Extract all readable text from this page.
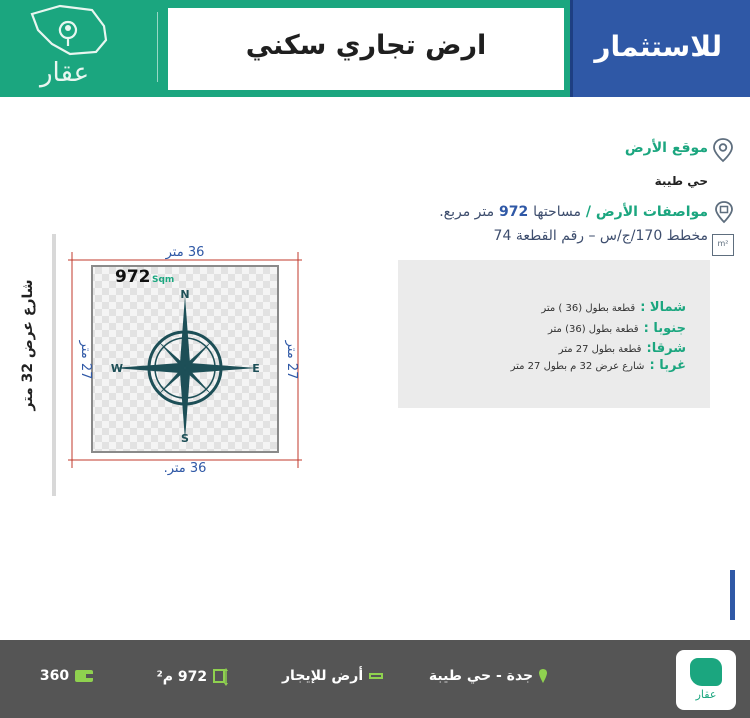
عقار
ارض تجاري سكني	للاستثمار
موقع الأرض
حي طيبة
مواصفات الأرض / مساحتها 972 متر مربع.
m²
مخطط 170/ج/س – رقم القطعة 74
شمالا : قطعة بطول (36 ) متر
جنوبا : قطعة بطول (36) متر
شرقا: قطعة بطول 27 متر
غربا : شارع عرض 32 م بطول 27 متر
شارع عرض 32 متر	N
S
E
W
972 Sqm
36 متر
36 متر.
27 متر
27 متر
عقار
جدة - حي طيبة
أرض للإيجار
972 م²
360
